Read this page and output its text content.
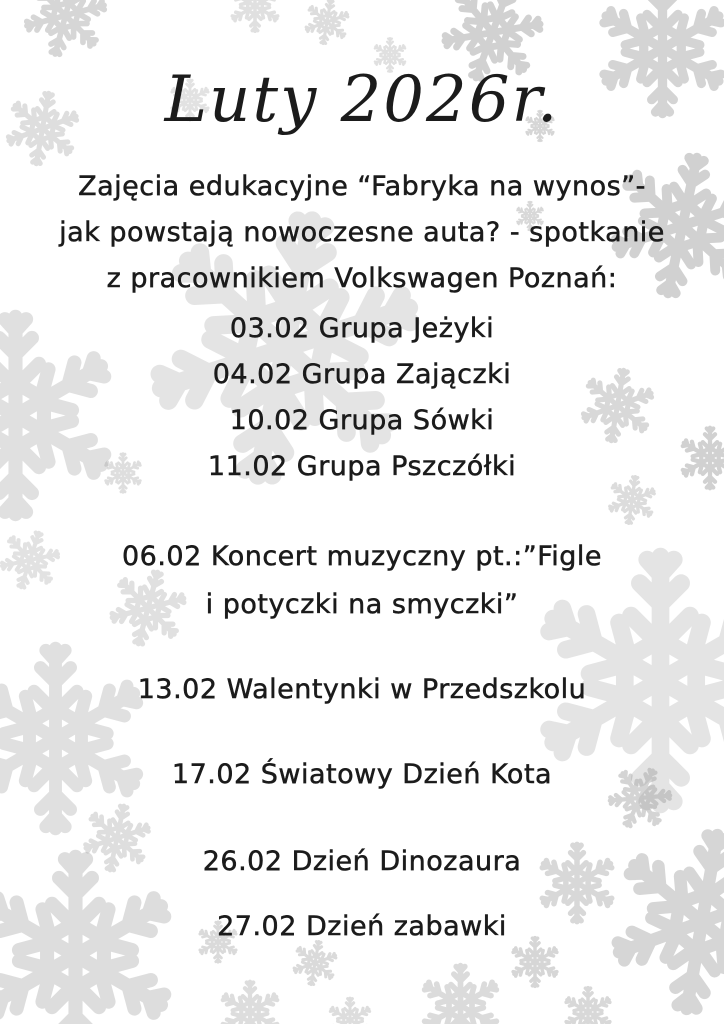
Luty 2026r.
Zajęcia edukacyjne “Fabryka na wynos”-
jak powstają nowoczesne auta? - spotkanie
z pracownikiem Volkswagen Poznań:
03.02 Grupa Jeżyki
04.02 Grupa Zajączki
10.02 Grupa Sówki
11.02 Grupa Pszczółki
06.02 Koncert muzyczny pt.:”Figle
i potyczki na smyczki”
13.02 Walentynki w Przedszkolu
17.02 Światowy Dzień Kota
26.02 Dzień Dinozaura
27.02 Dzień zabawki
